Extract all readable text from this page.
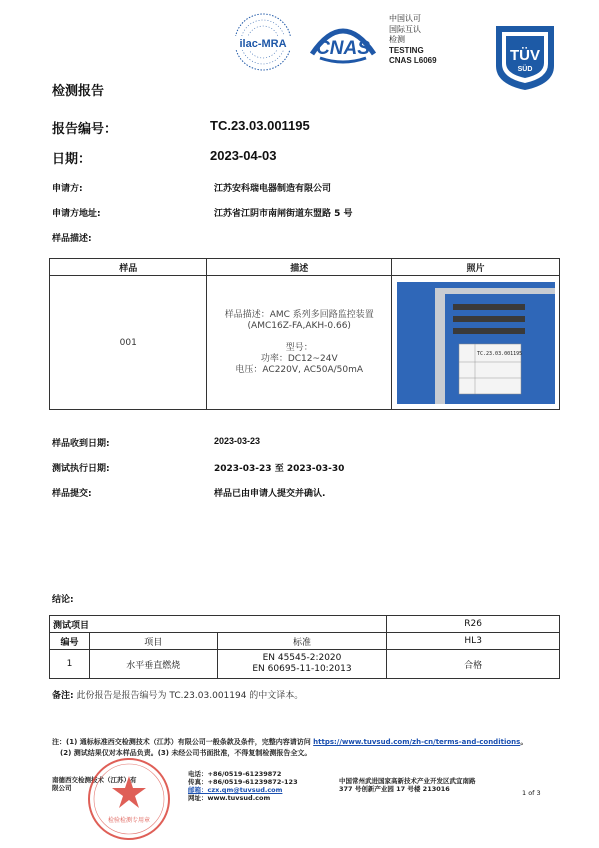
ilac-MRA CNAS
中国认可
国际互认
检测
TESTING
CNAS L6069	TÜV
SÜD
检测报告
报告编号：	TC.23.03.001195
日期：	2023-04-03
申请方:	江苏安科瑞电器制造有限公司
申请方地址:	江苏省江阴市南闸街道东盟路 5 号
样品描述:
样品	描述	照片
001	样品描述：AMC 系列多回路监控装置
(AMC16Z-FA,AKH-0.66)
型号：
功率：DC12~24V
电压：AC220V, AC50A/50mA	TC.23.03.001195
样品收到日期:	2023-03-23
测试执行日期:	2023-03-23 至 2023-03-30
样品提交:	样品已由申请人提交并确认.
结论:
测试项目			R26
编号	项目	标准	HL3
1	水平垂直燃烧	EN 45545-2:2020
EN 60695-11-10:2013	合格
备注: 此份报告是报告编号为 TC.23.03.001194 的中文译本。
注：(1) 通标标准西交检测技术（江苏）有限公司一般条款及条件，完整内容请访问 https://www.tuvsud.com/zh-cn/terms-and-conditions。
(2) 测试结果仅对本样品负责。(3) 未经公司书面批准，不得复制检测报告全文。
南德西交检测技术（江苏）有
限公司
电话：+86/0519-61239872
传真：+86/0519-61239872-123
邮箱：czx.qm@tuvsud.com
网址：www.tuvsud.com
中国常州武进国家高新技术产业开发区武宜南路
377 号创新产业园 17 号楼 213016	1 of 3
检验检测专用章
